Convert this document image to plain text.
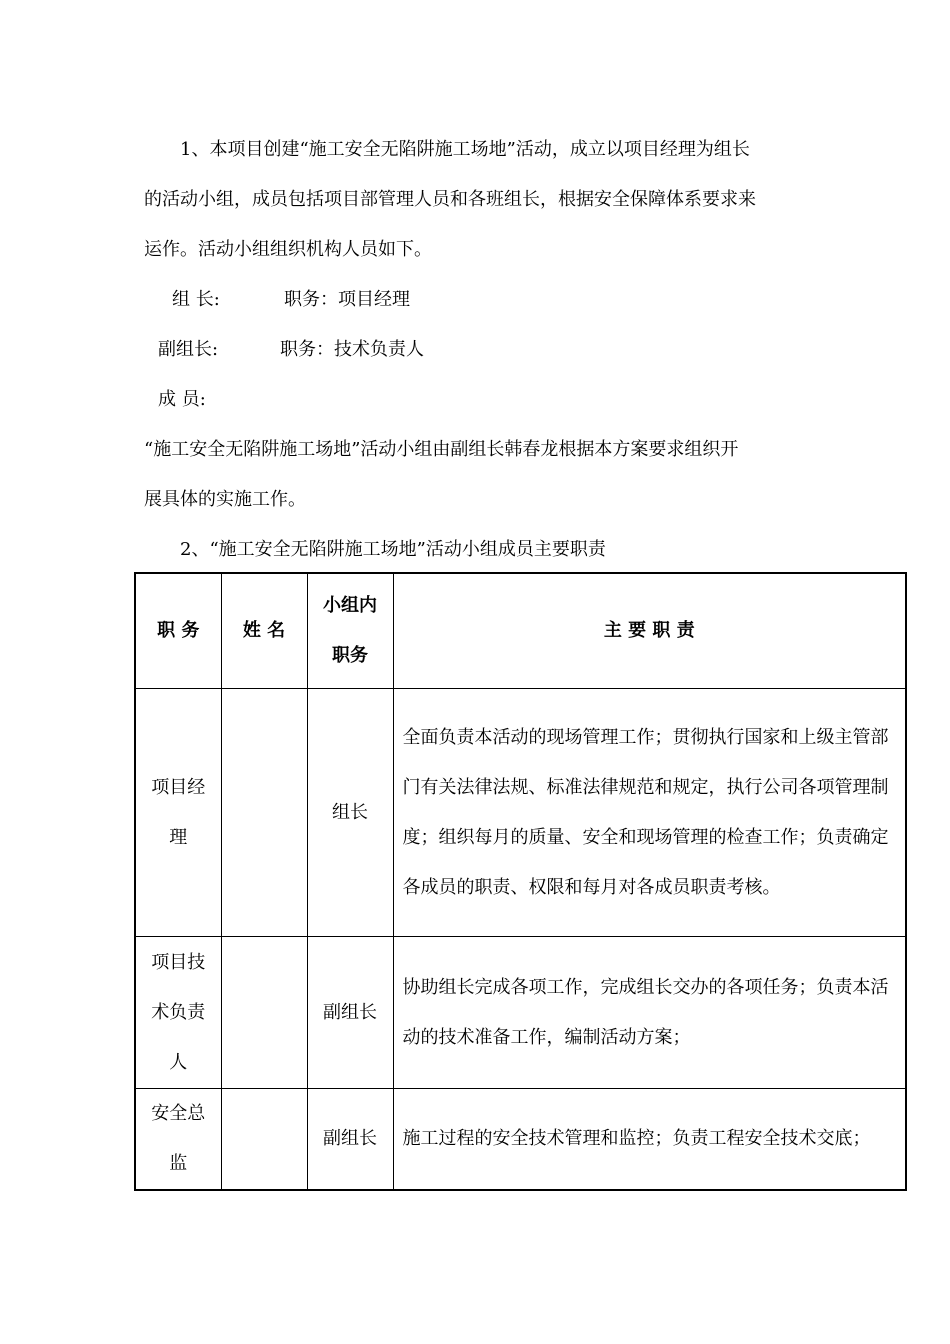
1、本项目创建“施工安全无陷阱施工场地”活动，成立以项目经理为组长
的活动小组，成员包括项目部管理人员和各班组长，根据安全保障体系要求来
运作。活动小组组织机构人员如下。
组 长:	职务：项目经理
副组长:	职务：技术负责人
成 员:
“施工安全无陷阱施工场地”活动小组由副组长韩春龙根据本方案要求组织开
展具体的实施工作。
2、“施工安全无陷阱施工场地”活动小组成员主要职责
职 务	姓 名	小组内职务	主 要 职 责
项目经理		组长	全面负责本活动的现场管理工作；贯彻执行国家和上级主管部门有关法律法规、标准法律规范和规定，执行公司各项管理制度；组织每月的质量、安全和现场管理的检查工作；负责确定各成员的职责、权限和每月对各成员职责考核。
项目技术负责人		副组长	协助组长完成各项工作，完成组长交办的各项任务；负责本活动的技术准备工作，编制活动方案；
安全总监		副组长	施工过程的安全技术管理和监控；负责工程安全技术交底；
